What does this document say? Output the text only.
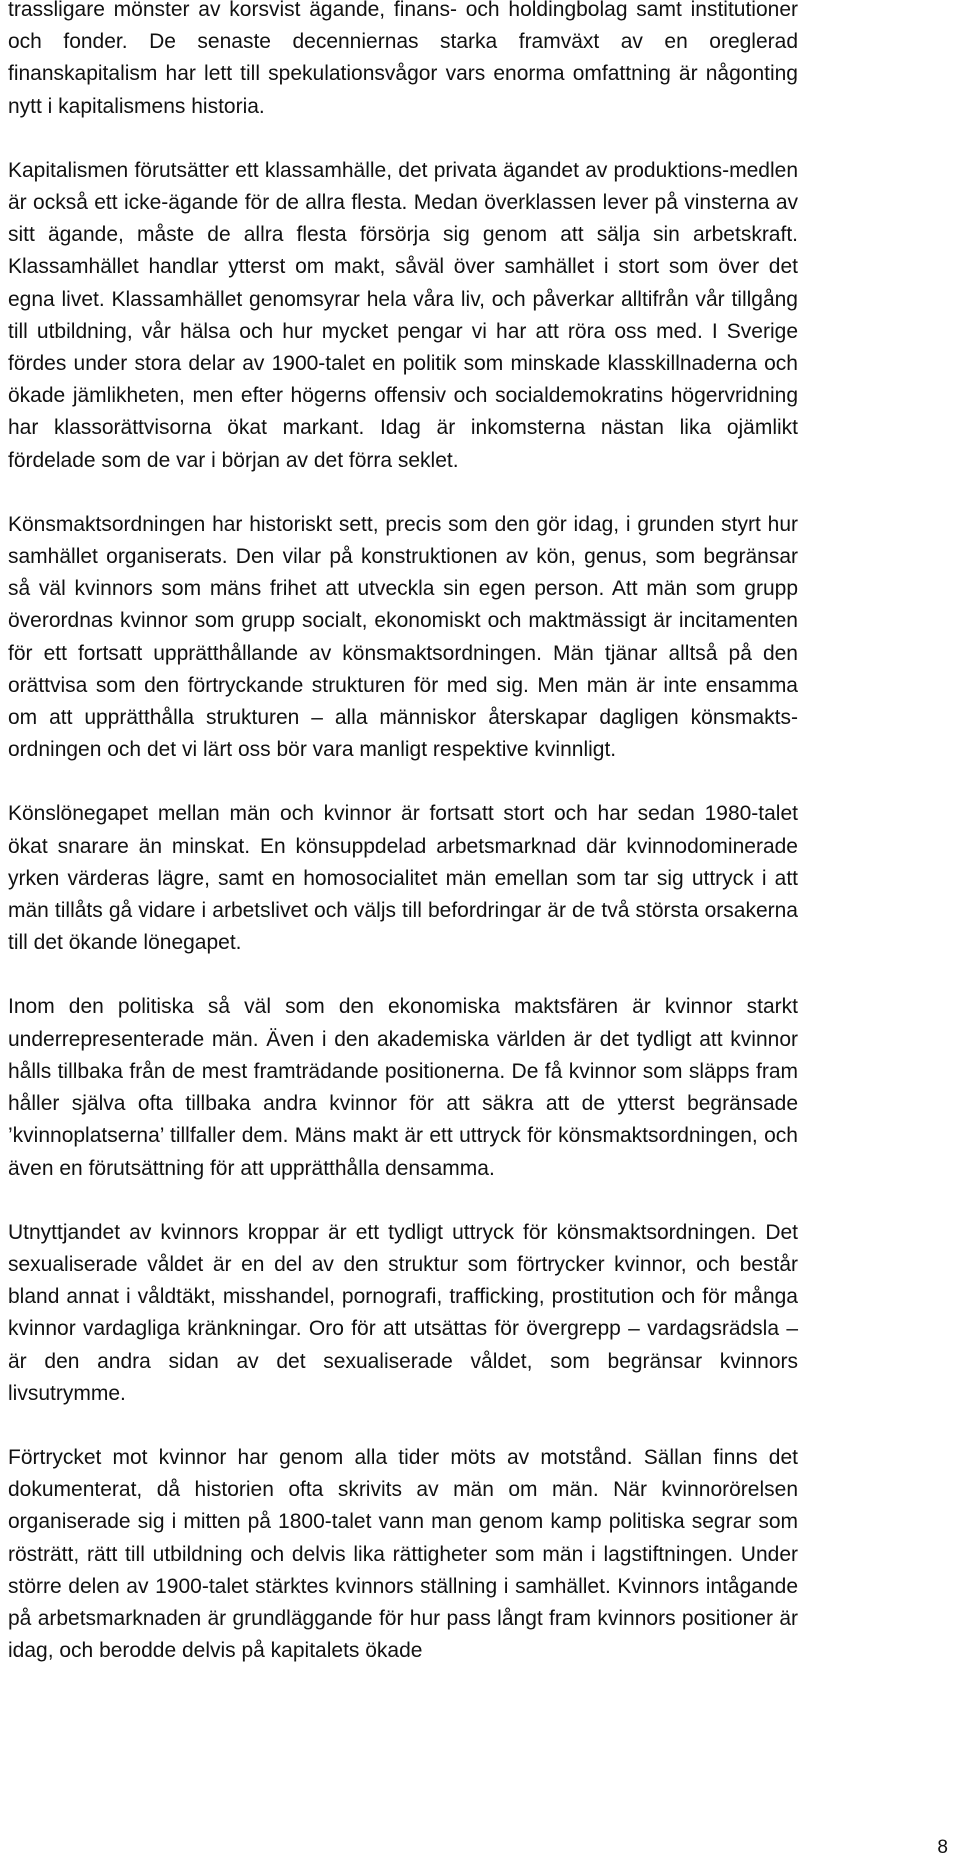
trassligare mönster av korsvist ägande, finans- och holdingbolag samt institutioner och fonder. De senaste decenniernas starka framväxt av en oreglerad finanskapitalism har lett till spekulationsvågor vars enorma omfattning är någonting nytt i kapitalismens historia.

Kapitalismen förutsätter ett klassamhälle, det privata ägandet av produktions-medlen är också ett icke-ägande för de allra flesta. Medan överklassen lever på vinsterna av sitt ägande, måste de allra flesta försörja sig genom att sälja sin arbetskraft. Klassamhället handlar ytterst om makt, såväl över samhället i stort som över det egna livet. Klassamhället genomsyrar hela våra liv, och påverkar alltifrån vår tillgång till utbildning, vår hälsa och hur mycket pengar vi har att röra oss med. I Sverige fördes under stora delar av 1900-talet en politik som minskade klasskillnaderna och ökade jämlikheten, men efter högerns offensiv och socialdemokratins högervridning har klassorättvisorna ökat markant. Idag är inkomsterna nästan lika ojämlikt fördelade som de var i början av det förra seklet.

Könsmaktsordningen har historiskt sett, precis som den gör idag, i grunden styrt hur samhället organiserats. Den vilar på konstruktionen av kön, genus, som begränsar så väl kvinnors som mäns frihet att utveckla sin egen person. Att män som grupp överordnas kvinnor som grupp socialt, ekonomiskt och maktmässigt är incitamenten för ett fortsatt upprätthållande av könsmaktsordningen. Män tjänar alltså på den orättvisa som den förtryckande strukturen för med sig. Men män är inte ensamma om att upprätthålla strukturen – alla människor återskapar dagligen könsmakts-ordningen och det vi lärt oss bör vara manligt respektive kvinnligt.

Könslönegapet mellan män och kvinnor är fortsatt stort och har sedan 1980-talet ökat snarare än minskat. En könsuppdelad arbetsmarknad där kvinnodominerade yrken värderas lägre, samt en homosocialitet män emellan som tar sig uttryck i att män tillåts gå vidare i arbetslivet och väljs till befordringar är de två största orsakerna till det ökande lönegapet.

Inom den politiska så väl som den ekonomiska maktsfären är kvinnor starkt underrepresenterade män. Även i den akademiska världen är det tydligt att kvinnor hålls tillbaka från de mest framträdande positionerna. De få kvinnor som släpps fram håller själva ofta tillbaka andra kvinnor för att säkra att de ytterst begränsade ’kvinnoplatserna’ tillfaller dem. Mäns makt är ett uttryck för könsmaktsordningen, och även en förutsättning för att upprätthålla densamma.

Utnyttjandet av kvinnors kroppar är ett tydligt uttryck för könsmaktsordningen. Det sexualiserade våldet är en del av den struktur som förtrycker kvinnor, och består bland annat i våldtäkt, misshandel, pornografi, trafficking, prostitution och för många kvinnor vardagliga kränkningar. Oro för att utsättas för övergrepp – vardagsrädsla – är den andra sidan av det sexualiserade våldet, som begränsar kvinnors livsutrymme.

Förtrycket mot kvinnor har genom alla tider möts av motstånd. Sällan finns det dokumenterat, då historien ofta skrivits av män om män. När kvinnorörelsen organiserade sig i mitten på 1800-talet vann man genom kamp politiska segrar som rösträtt, rätt till utbildning och delvis lika rättigheter som män i lagstiftningen. Under större delen av 1900-talet stärktes kvinnors ställning i samhället. Kvinnors intågande på arbetsmarknaden är grundläggande för hur pass långt fram kvinnors positioner är idag, och berodde delvis på kapitalets ökade

8
